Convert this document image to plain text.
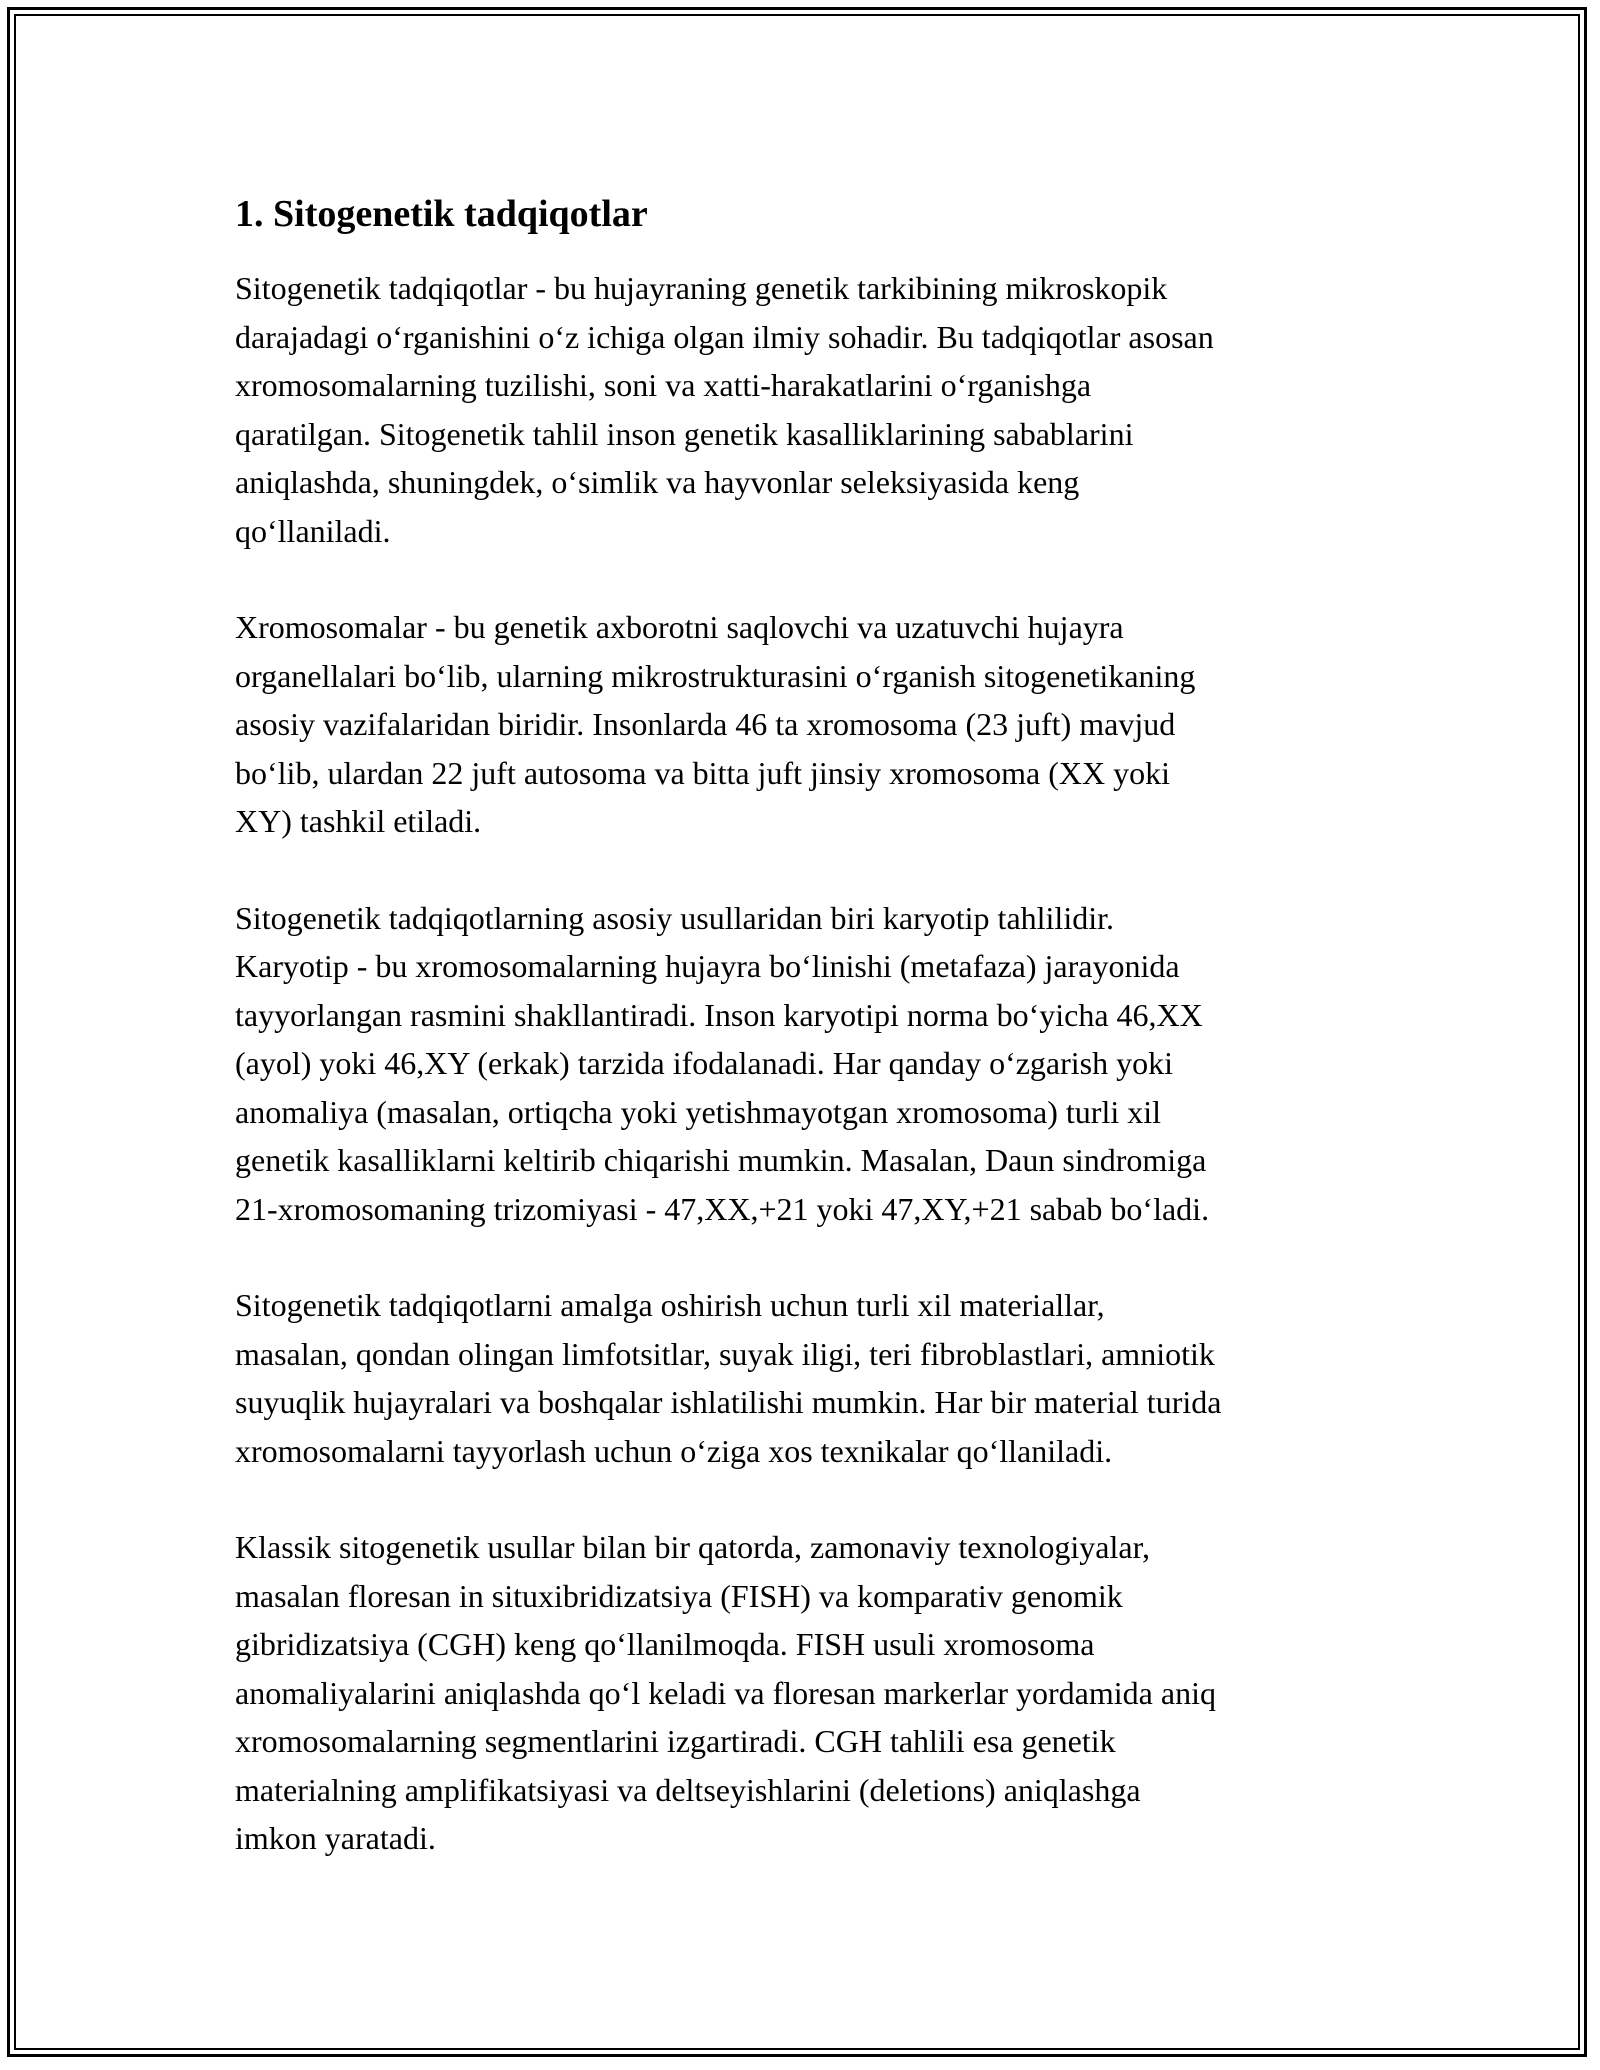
1. Sitogenetik tadqiqotlar

Sitogenetik tadqiqotlar - bu hujayraning genetik tarkibining mikroskopik
darajadagi o‘rganishini o‘z ichiga olgan ilmiy sohadir. Bu tadqiqotlar asosan
xromosomalarning tuzilishi, soni va xatti-harakatlarini o‘rganishga
qaratilgan. Sitogenetik tahlil inson genetik kasalliklarining sabablarini
aniqlashda, shuningdek, o‘simlik va hayvonlar seleksiyasida keng
qo‘llaniladi.

Xromosomalar - bu genetik axborotni saqlovchi va uzatuvchi hujayra
organellalari bo‘lib, ularning mikrostrukturasini o‘rganish sitogenetikaning
asosiy vazifalaridan biridir. Insonlarda 46 ta xromosoma (23 juft) mavjud
bo‘lib, ulardan 22 juft autosoma va bitta juft jinsiy xromosoma (XX yoki
XY) tashkil etiladi.

Sitogenetik tadqiqotlarning asosiy usullaridan biri karyotip tahlilidir.
Karyotip - bu xromosomalarning hujayra bo‘linishi (metafaza) jarayonida
tayyorlangan rasmini shakllantiradi. Inson karyotipi norma bo‘yicha 46,XX
(ayol) yoki 46,XY (erkak) tarzida ifodalanadi. Har qanday o‘zgarish yoki
anomaliya (masalan, ortiqcha yoki yetishmayotgan xromosoma) turli xil
genetik kasalliklarni keltirib chiqarishi mumkin. Masalan, Daun sindromiga
21-xromosomaning trizomiyasi - 47,XX,+21 yoki 47,XY,+21 sabab bo‘ladi.

Sitogenetik tadqiqotlarni amalga oshirish uchun turli xil materiallar,
masalan, qondan olingan limfotsitlar, suyak iligi, teri fibroblastlari, amniotik
suyuqlik hujayralari va boshqalar ishlatilishi mumkin. Har bir material turida
xromosomalarni tayyorlash uchun o‘ziga xos texnikalar qo‘llaniladi.

Klassik sitogenetik usullar bilan bir qatorda, zamonaviy texnologiyalar,
masalan floresan in situxibridizatsiya (FISH) va komparativ genomik
gibridizatsiya (CGH) keng qo‘llanilmoqda. FISH usuli xromosoma
anomaliyalarini aniqlashda qo‘l keladi va floresan markerlar yordamida aniq
xromosomalarning segmentlarini izgartiradi. CGH tahlili esa genetik
materialning amplifikatsiyasi va deltseyishlarini (deletions) aniqlashga
imkon yaratadi.
